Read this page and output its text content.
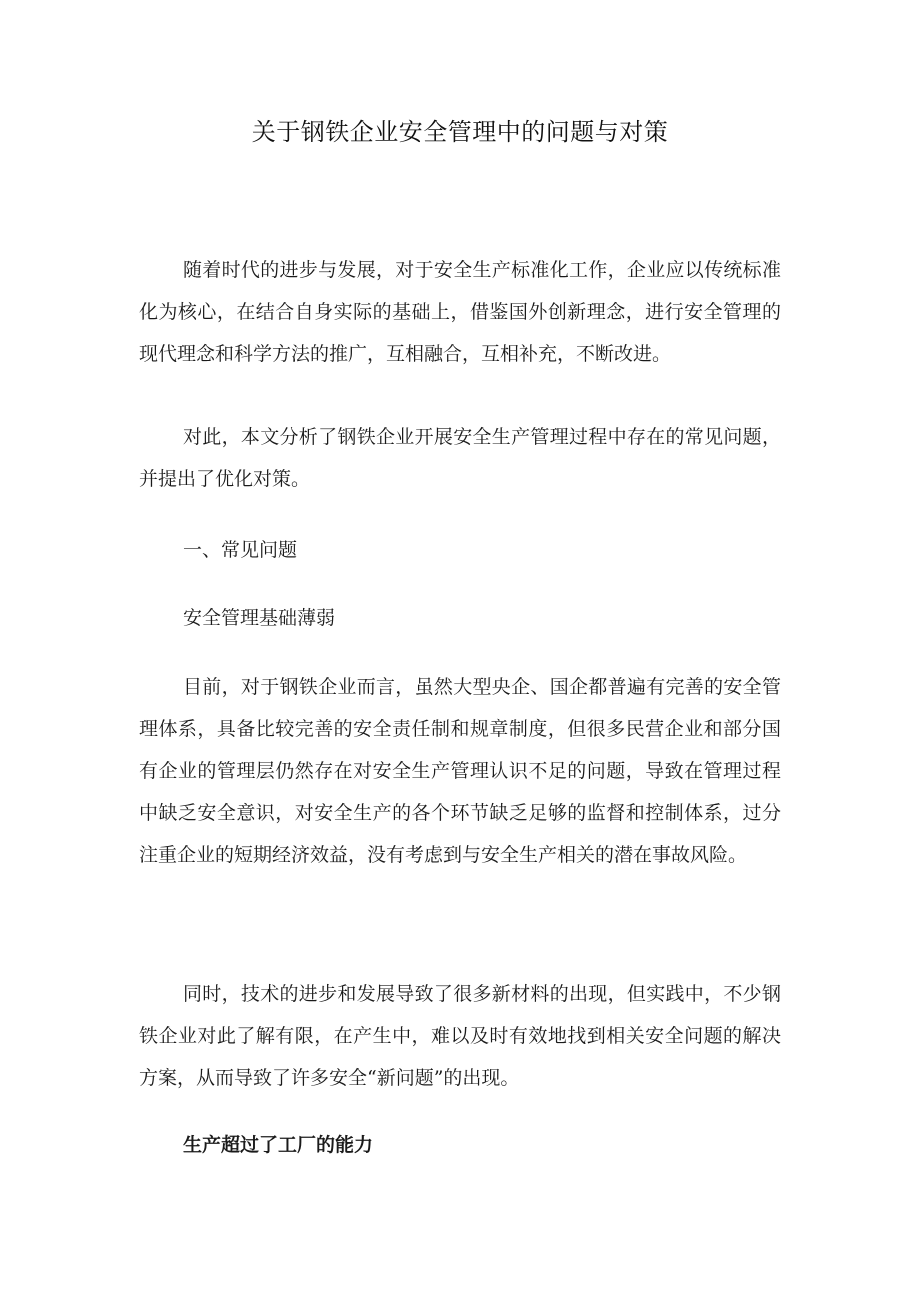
关于钢铁企业安全管理中的问题与对策

随着时代的进步与发展，对于安全生产标准化工作，企业应以传统标准化为核心，在结合自身实际的基础上，借鉴国外创新理念，进行安全管理的现代理念和科学方法的推广，互相融合，互相补充，不断改进。

对此，本文分析了钢铁企业开展安全生产管理过程中存在的常见问题，并提出了优化对策。

一、常见问题
安全管理基础薄弱

目前，对于钢铁企业而言，虽然大型央企、国企都普遍有完善的安全管理体系，具备比较完善的安全责任制和规章制度，但很多民营企业和部分国有企业的管理层仍然存在对安全生产管理认识不足的问题，导致在管理过程中缺乏安全意识，对安全生产的各个环节缺乏足够的监督和控制体系，过分注重企业的短期经济效益，没有考虑到与安全生产相关的潜在事故风险。

同时，技术的进步和发展导致了很多新材料的出现，但实践中，不少钢铁企业对此了解有限，在产生中，难以及时有效地找到相关安全问题的解决方案，从而导致了许多安全“新问题”的出现。

生产超过了工厂的能力
